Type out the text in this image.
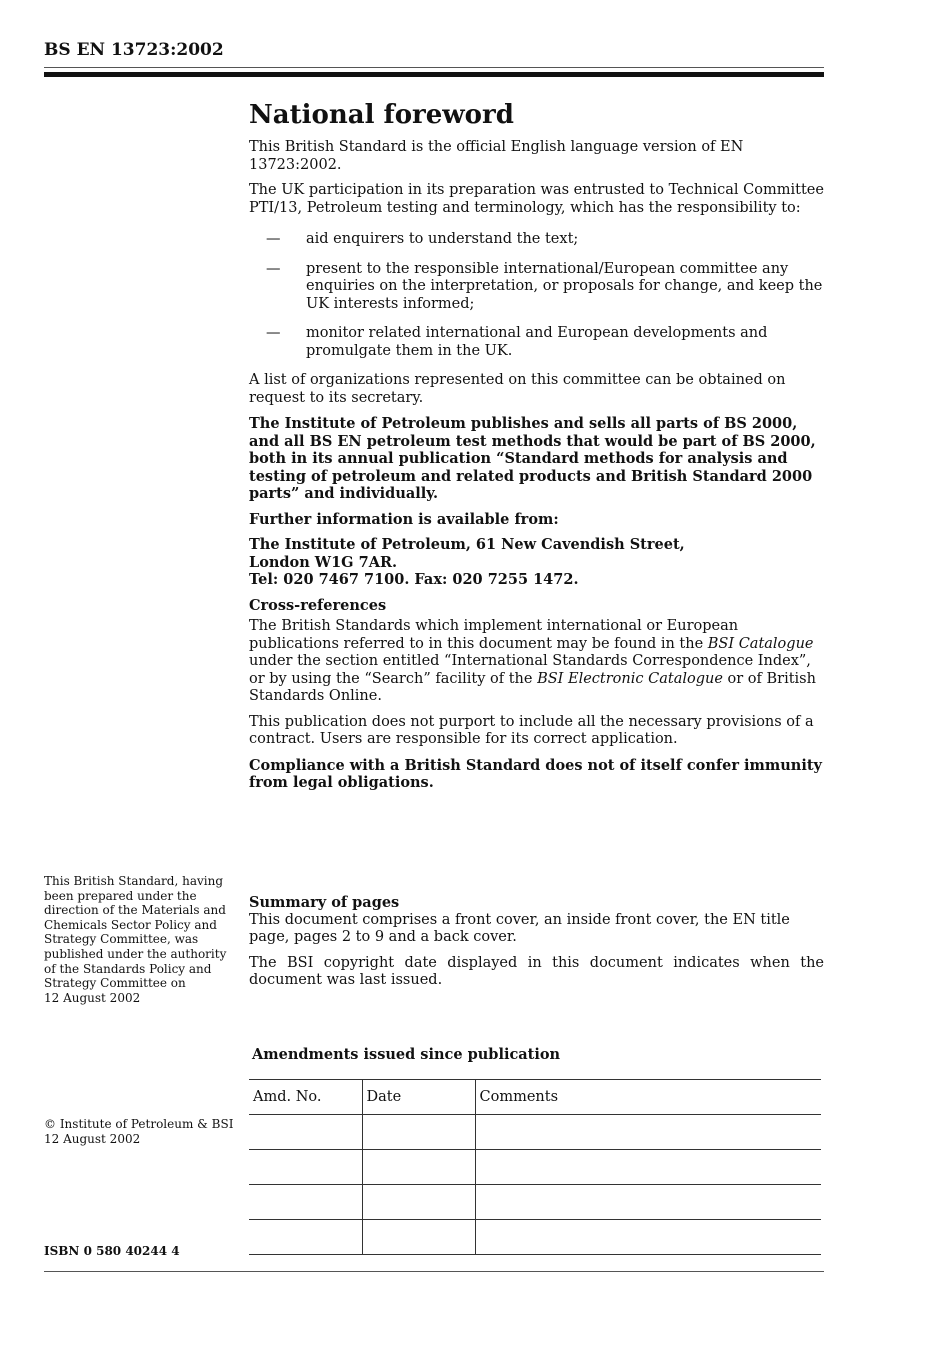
BS EN 13723:2002
National foreword

This British Standard is the official English language version of EN 13723:2002.

The UK participation in its preparation was entrusted to Technical Committee PTI/13, Petroleum testing and terminology, which has the responsibility to:

—	aid enquirers to understand the text;
—	present to the responsible international/European committee any enquiries on the interpretation, or proposals for change, and keep the UK interests informed;
—	monitor related international and European developments and promulgate them in the UK.

A list of organizations represented on this committee can be obtained on request to its secretary.

The Institute of Petroleum publishes and sells all parts of BS 2000, and all BS EN petroleum test methods that would be part of BS 2000, both in its annual publication “Standard methods for analysis and testing of petroleum and related products and British Standard 2000 parts” and individually.

Further information is available from:

The Institute of Petroleum, 61 New Cavendish Street,
London W1G 7AR.
Tel: 020 7467 7100. Fax: 020 7255 1472.

Cross-references

The British Standards which implement international or European publications referred to in this document may be found in the BSI Catalogue under the section entitled “International Standards Correspondence Index”, or by using the “Search” facility of the BSI Electronic Catalogue or of British Standards Online.

This publication does not purport to include all the necessary provisions of a contract. Users are responsible for its correct application.

Compliance with a British Standard does not of itself confer immunity from legal obligations.

This British Standard, having been prepared under the direction of the Materials and Chemicals Sector Policy and Strategy Committee, was published under the authority of the Standards Policy and Strategy Committee on
12 August 2002
Summary of pages

This document comprises a front cover, an inside front cover, the EN title page, pages 2 to 9 and a back cover.

The BSI copyright date displayed in this document indicates when the document was last issued.

Amendments issued since publication
Amd. No.	Date	Comments

© Institute of Petroleum & BSI
12 August 2002
ISBN 0 580 40244 4
